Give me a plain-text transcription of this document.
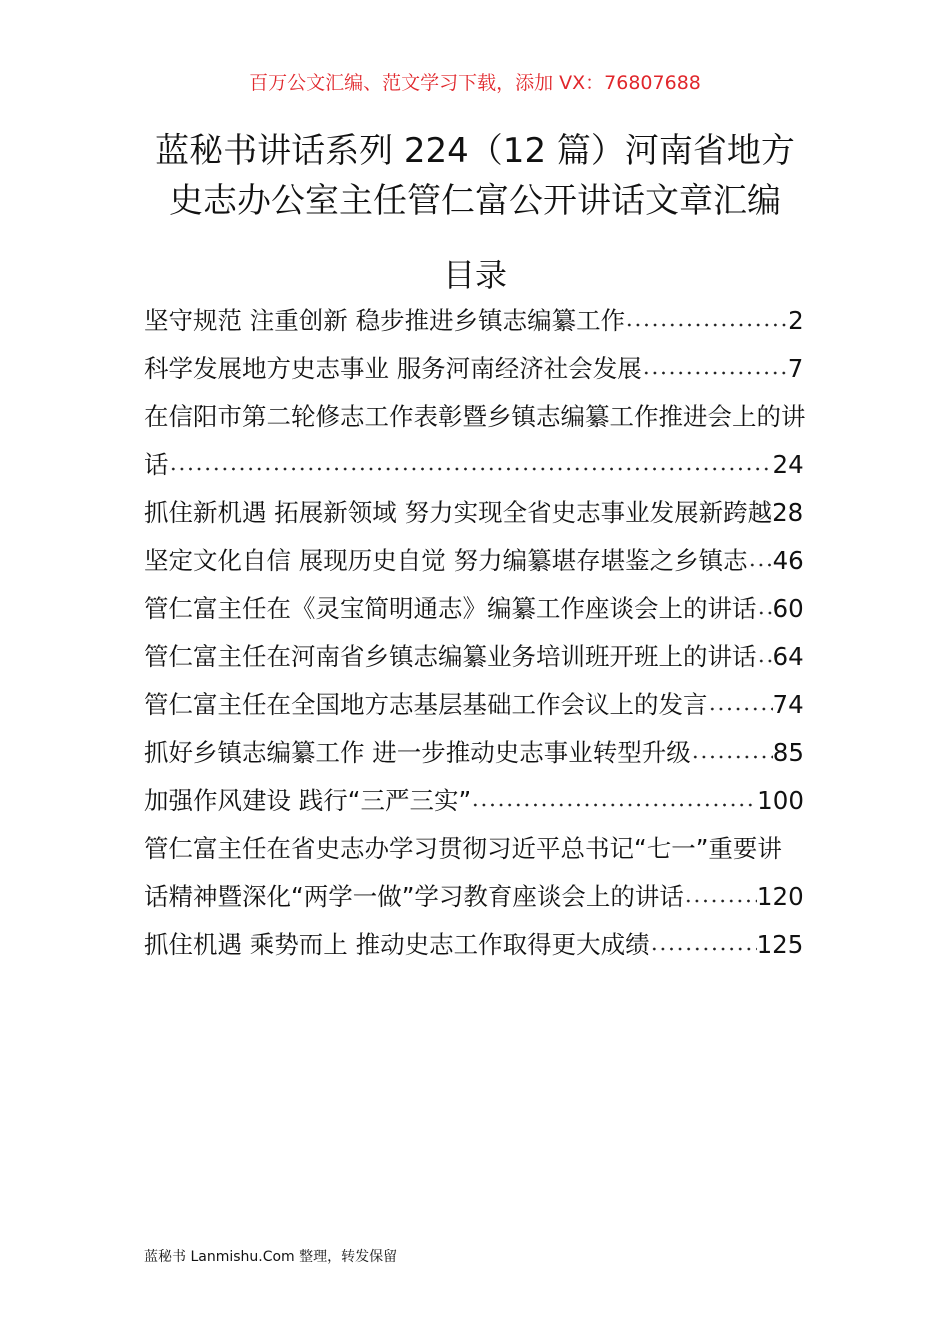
百万公文汇编、范文学习下载，添加 VX：76807688
蓝秘书讲话系列 224（12 篇）河南省地方
史志办公室主任管仁富公开讲话文章汇编
目录
坚守规范 注重创新 稳步推进乡镇志编纂工作	2
科学发展地方史志事业 服务河南经济社会发展	7
在信阳市第二轮修志工作表彰暨乡镇志编纂工作推进会上的讲话	24
抓住新机遇 拓展新领域 努力实现全省史志事业发展新跨越28
坚定文化自信 展现历史自觉 努力编纂堪存堪鉴之乡镇志 46
管仁富主任在《灵宝简明通志》编纂工作座谈会上的讲话 60
管仁富主任在河南省乡镇志编纂业务培训班开班上的讲话 64
管仁富主任在全国地方志基层基础工作会议上的发言	74
抓好乡镇志编纂工作 进一步推动史志事业转型升级	85
加强作风建设 践行“三严三实”	100
管仁富主任在省史志办学习贯彻习近平总书记“七一”重要讲话精神暨深化“两学一做”学习教育座谈会上的讲话	120
抓住机遇 乘势而上 推动史志工作取得更大成绩	125
蓝秘书 Lanmishu.Com 整理，转发保留
